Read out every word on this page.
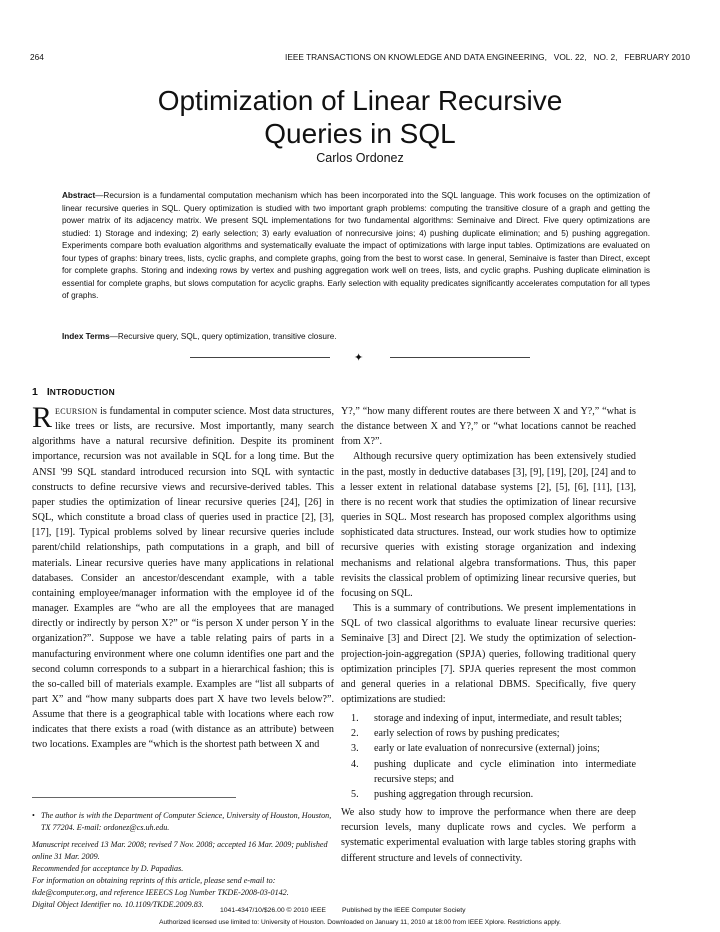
264	IEEE TRANSACTIONS ON KNOWLEDGE AND DATA ENGINEERING,   VOL. 22,   NO. 2,   FEBRUARY 2010
Optimization of Linear Recursive
Queries in SQL
Carlos Ordonez

Abstract—Recursion is a fundamental computation mechanism which has been incorporated into the SQL language. This work focuses on the optimization of linear recursive queries in SQL. Query optimization is studied with two important graph problems: computing the transitive closure of a graph and getting the power matrix of its adjacency matrix. We present SQL implementations for two fundamental algorithms: Seminaive and Direct. Five query optimizations are studied: 1) Storage and indexing; 2) early selection; 3) early evaluation of nonrecursive joins; 4) pushing duplicate elimination; and 5) pushing aggregation. Experiments compare both evaluation algorithms and systematically evaluate the impact of optimizations with large input tables. Optimizations are evaluated on four types of graphs: binary trees, lists, cyclic graphs, and complete graphs, going from the best to worst case. In general, Seminaive is faster than Direct, except for complete graphs. Storing and indexing rows by vertex and pushing aggregation work well on trees, lists, and cyclic graphs. Pushing duplicate elimination is essential for complete graphs, but slows computation for acyclic graphs. Early selection with equality predicates significantly accelerates computation for all types of graphs.

Index Terms—Recursive query, SQL, query optimization, transitive closure.

✦
1 INTRODUCTION

RECURSION is fundamental in computer science. Most data structures, like trees or lists, are recursive. Most importantly, many search algorithms have a natural recursive definition. Despite its prominent importance, recursion was not available in SQL for a long time. But the ANSI '99 SQL standard introduced recursion into SQL with syntactic constructs to define recursive views and recursive-derived tables. This paper studies the optimization of linear recursive queries [24], [26] in SQL, which constitute a broad class of queries used in practice [2], [3], [17], [19]. Typical problems solved by linear recursive queries include parent/child relationships, path computations in a graph, and bill of materials. Linear recursive queries have many applications in relational databases. Consider an ancestor/descendant example, with a table containing employee/manager information with the employee id of the manager. Examples are “who are all the employees that are managed directly or indirectly by person X?” or “is person X under person Y in the organization?”. Suppose we have a table relating pairs of parts in a manufacturing environment where one column identifies one part and the second column corresponds to a subpart in a hierarchical fashion; this is the so-called bill of materials example. Examples are “list all subparts of part X” and “how many subparts does part X have two levels below?”. Assume that there is a geographical table with locations where each row indicates that there exists a road (with distance as an attribute) between two locations. Examples are “which is the shortest path between X and

Y?,” “how many different routes are there between X and Y?,” “what is the distance between X and Y?,” or “what locations cannot be reached from X?”.

Although recursive query optimization has been extensively studied in the past, mostly in deductive databases [3], [9], [19], [20], [24] and to a lesser extent in relational database systems [2], [5], [6], [11], [13], there is no recent work that studies the optimization of linear recursive queries in SQL. Most research has proposed complex algorithms using sophisticated data structures. Instead, our work studies how to optimize recursive queries with existing storage organization and indexing mechanisms and relational algebra transformations. Thus, this paper revisits the classical problem of optimizing linear recursive queries, but focusing on SQL.

This is a summary of contributions. We present implementations in SQL of two classical algorithms to evaluate linear recursive queries: Seminaive [3] and Direct [2]. We study the optimization of selection-projection-join-aggregation (SPJA) queries, following traditional query optimization principles [7]. SPJA queries represent the most common and general queries in a relational DBMS. Specifically, five query optimizations are studied:

1. storage and indexing of input, intermediate, and result tables;
2. early selection of rows by pushing predicates;
3. early or late evaluation of nonrecursive (external) joins;
4. pushing duplicate and cycle elimination into intermediate recursive steps; and
5. pushing aggregation through recursion.

We also study how to improve the performance when there are deep recursion levels, many duplicate rows and cycles. We perform a systematic experimental evaluation with large tables storing graphs with different structure and levels of connectivity.

• The author is with the Department of Computer Science, University of Houston, Houston, TX 77204. E-mail: ordonez@cs.uh.edu.
Manuscript received 13 Mar. 2008; revised 7 Nov. 2008; accepted 16 Mar. 2009; published online 31 Mar. 2009.
Recommended for acceptance by D. Papadias.
For information on obtaining reprints of this article, please send e-mail to: tkde@computer.org, and reference IEEECS Log Number TKDE-2008-03-0142.
Digital Object Identifier no. 10.1109/TKDE.2009.83.
1041-4347/10/$26.00 © 2010 IEEE Published by the IEEE Computer Society
Authorized licensed use limited to: University of Houston. Downloaded on January 11, 2010 at 18:00 from IEEE Xplore. Restrictions apply.
